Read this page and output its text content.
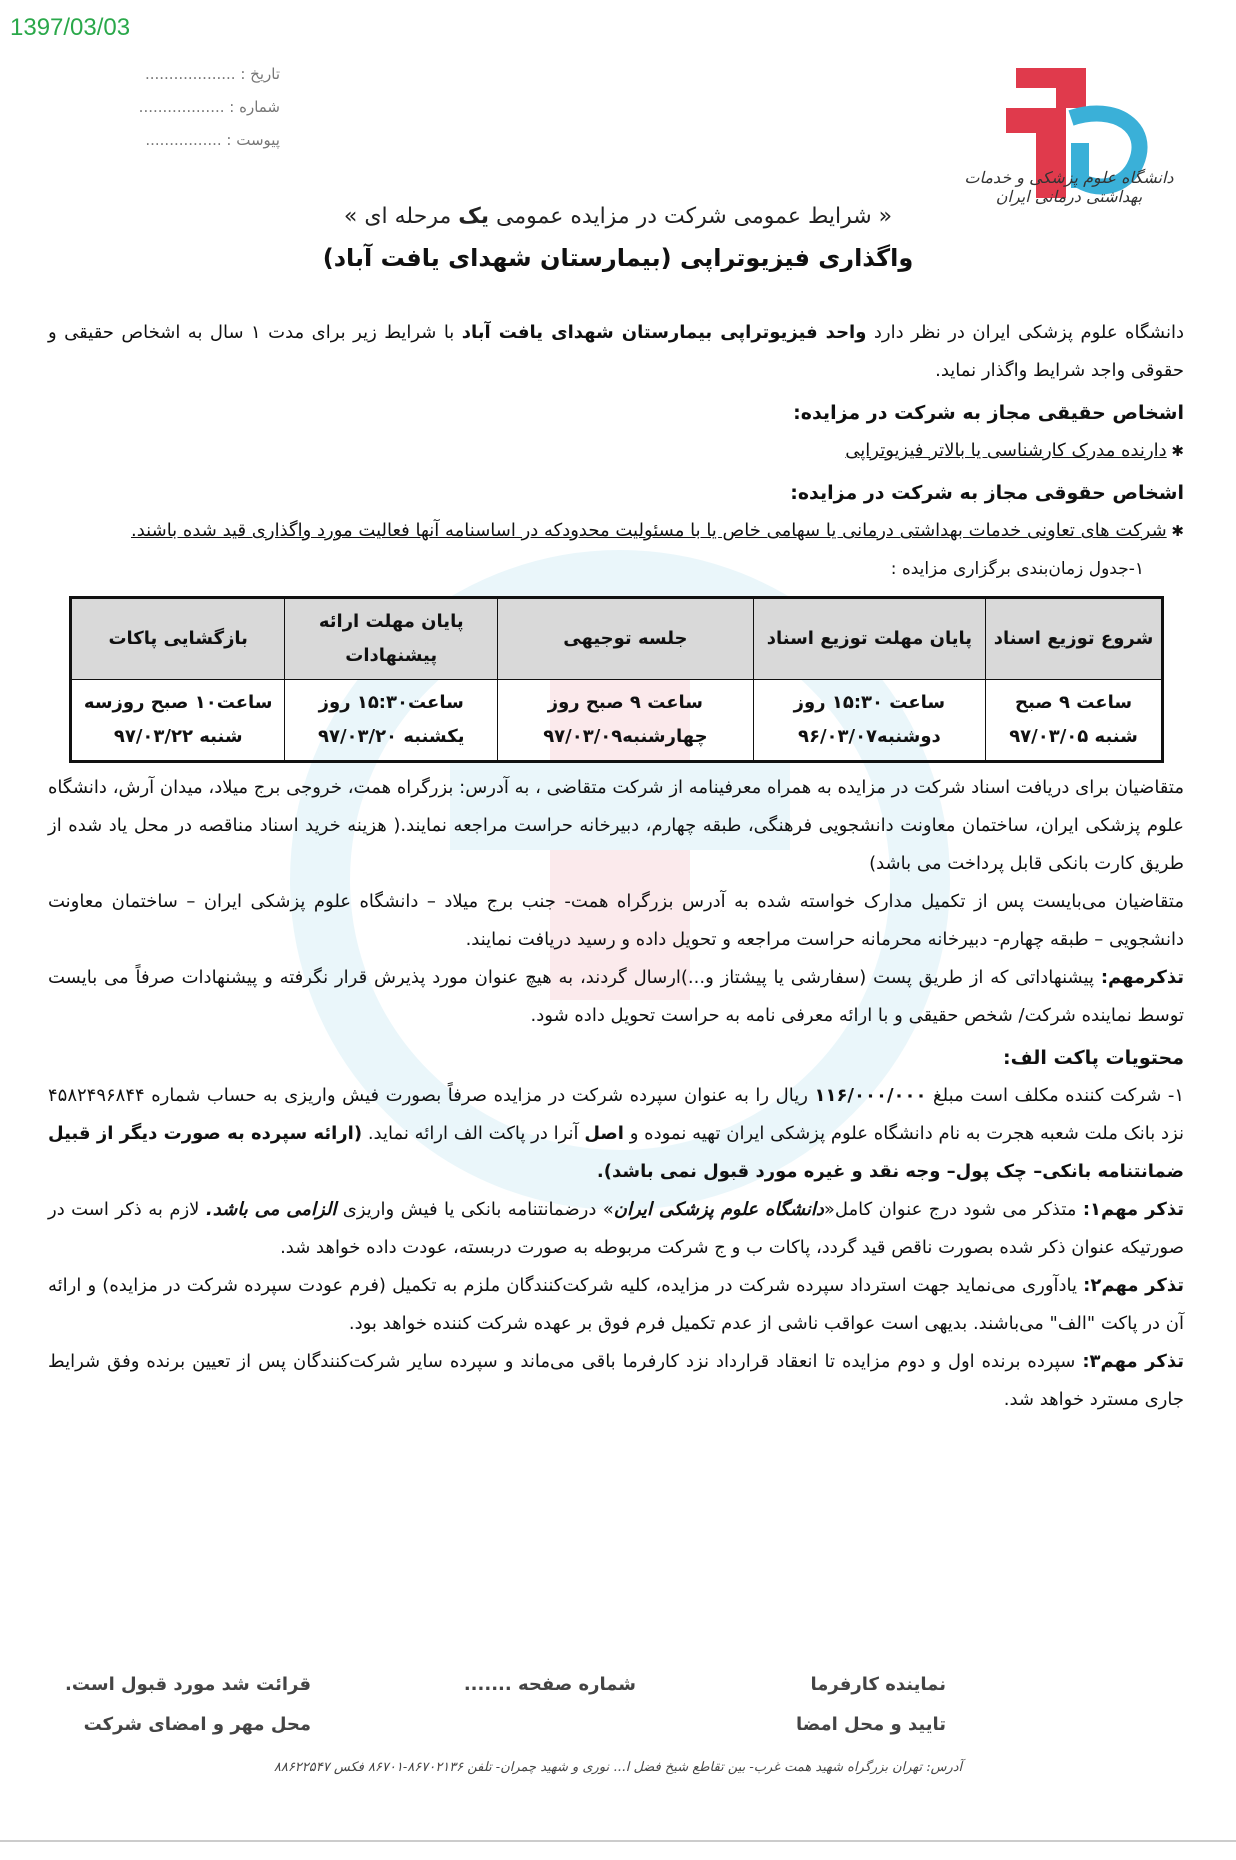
1397/03/03
تاریخ : ...................
شماره : ..................
پیوست : ................
دانشگاه علوم پزشکی و خدمات بهداشتی درمانی ایران
« شرایط عمومی شرکت در مزایده عمومی یک مرحله ای »
واگذاری فیزیوتراپی (بیمارستان شهدای یافت آباد)

دانشگاه علوم پزشکی ایران در نظر دارد واحد فیزیوتراپی بیمارستان شهدای یافت آباد با شرایط زیر برای مدت ۱ سال به اشخاص حقیقی و حقوقی واجد شرایط واگذار نماید.

اشخاص حقیقی مجاز به شرکت در مزایده:

✱ دارنده مدرک کارشناسی یا بالاتر فیزیوتراپی

اشخاص حقوقی مجاز به شرکت در مزایده:

✱ شرکت های تعاونی خدمات بهداشتی درمانی یا سهامی خاص یا با مسئولیت محدودکه در اساسنامه آنها فعالیت مورد واگذاری قید شده باشند.

۱-جدول زمان‌بندی برگزاری مزایده :

شروع توزیع اسناد	پایان مهلت توزیع اسناد	جلسه توجیهی	پایان مهلت ارائه پیشنهادات	بازگشایی پاکات
ساعت ۹ صبح شنبه ۹۷/۰۳/۰۵	ساعت ۱۵:۳۰ روز دوشنبه۹۶/۰۳/۰۷	ساعت ۹ صبح روز چهارشنبه۹۷/۰۳/۰۹	ساعت۱۵:۳۰ روز یکشنبه ۹۷/۰۳/۲۰	ساعت۱۰ صبح روزسه شنبه ۹۷/۰۳/۲۲

متقاضیان برای دریافت اسناد شرکت در مزایده به همراه معرفینامه از شرکت متقاضی ، به آدرس: بزرگراه همت، خروجی برج میلاد، میدان آرش، دانشگاه علوم پزشکی ایران، ساختمان معاونت دانشجویی فرهنگی، طبقه چهارم، دبیرخانه حراست مراجعه نمایند.( هزینه خرید اسناد مناقصه در محل یاد شده از طریق کارت بانکی قابل پرداخت می باشد)

متقاضیان می‌بایست پس از تکمیل مدارک خواسته شده به آدرس بزرگراه همت- جنب برج میلاد – دانشگاه علوم پزشکی ایران – ساختمان معاونت دانشجویی – طبقه چهارم- دبیرخانه محرمانه حراست مراجعه و تحویل داده و رسید دریافت نمایند.

تذکرمهم: پیشنهاداتی که از طریق پست (سفارشی یا پیشتاز و...)ارسال گردند، به هیچ عنوان مورد پذیرش قرار نگرفته و پیشنهادات صرفاً می بایست توسط نماینده شرکت/ شخص حقیقی و با ارائه معرفی نامه به حراست تحویل داده شود.

محتویات پاکت الف:

۱- شرکت کننده مکلف است مبلغ ۱۱۶/۰۰۰/۰۰۰ ریال را به عنوان سپرده شرکت در مزایده صرفاً بصورت فیش واریزی به حساب شماره ۴۵۸۲۴۹۶۸۴۴ نزد بانک ملت شعبه هجرت به نام دانشگاه علوم پزشکی ایران تهیه نموده و اصل آنرا در پاکت الف ارائه نماید. (ارائه سپرده به صورت دیگر از قبیل ضمانتنامه بانکی– چک پول– وجه نقد و غیره مورد قبول نمی باشد).

تذکر مهم۱: متذکر می شود درج عنوان کامل«دانشگاه علوم پزشکی ایران» درضمانتنامه بانکی یا فیش واریزی الزامی می باشد. لازم به ذکر است در صورتیکه عنوان ذکر شده بصورت ناقص قید گردد، پاکات ب و ج شرکت مربوطه به صورت دربسته، عودت داده خواهد شد.

تذکر مهم۲: یادآوری می‌نماید جهت استرداد سپرده شرکت در مزایده، کلیه شرکت‌کنندگان ملزم به تکمیل (فرم عودت سپرده شرکت در مزایده) و ارائه آن در پاکت "الف" می‌باشند. بدیهی است عواقب ناشی از عدم تکمیل فرم فوق بر عهده شرکت کننده خواهد بود.

تذکر مهم۳: سپرده برنده اول و دوم مزایده تا انعقاد قرارداد نزد کارفرما باقی می‌ماند و سپرده سایر شرکت‌کنندگان پس از تعیین برنده وفق شرایط جاری مسترد خواهد شد.

نماینده کارفرما
تایید و محل امضا
شماره صفحه .......
قرائت شد مورد قبول است.
محل مهر و امضای شرکت
آدرس: تهران بزرگراه شهید همت غرب- بین تقاطع شیخ فضل ا... نوری و شهید چمران- تلفن ۸۶۷۰۲۱۳۶-۸۶۷۰۱ فکس ۸۸۶۲۲۵۴۷
